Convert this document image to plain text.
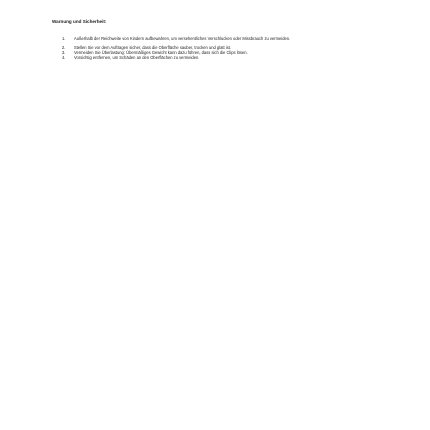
Warnung und Sicherheit:
1.	Außerhalb der Reichweite von Kindern aufbewahren, um versehentliches Verschlucken oder Missbrauch zu vermeiden.
2.	Stellen Sie vor dem Auftragen sicher, dass die Oberfläche sauber, trocken und glatt ist.
3.	Vermeiden Sie Überlastung: Übermäßiges Gewicht kann dazu führen, dass sich die Clips lösen.
4.	Vorsichtig entfernen, um Schäden an den Oberflächen zu vermeiden.
